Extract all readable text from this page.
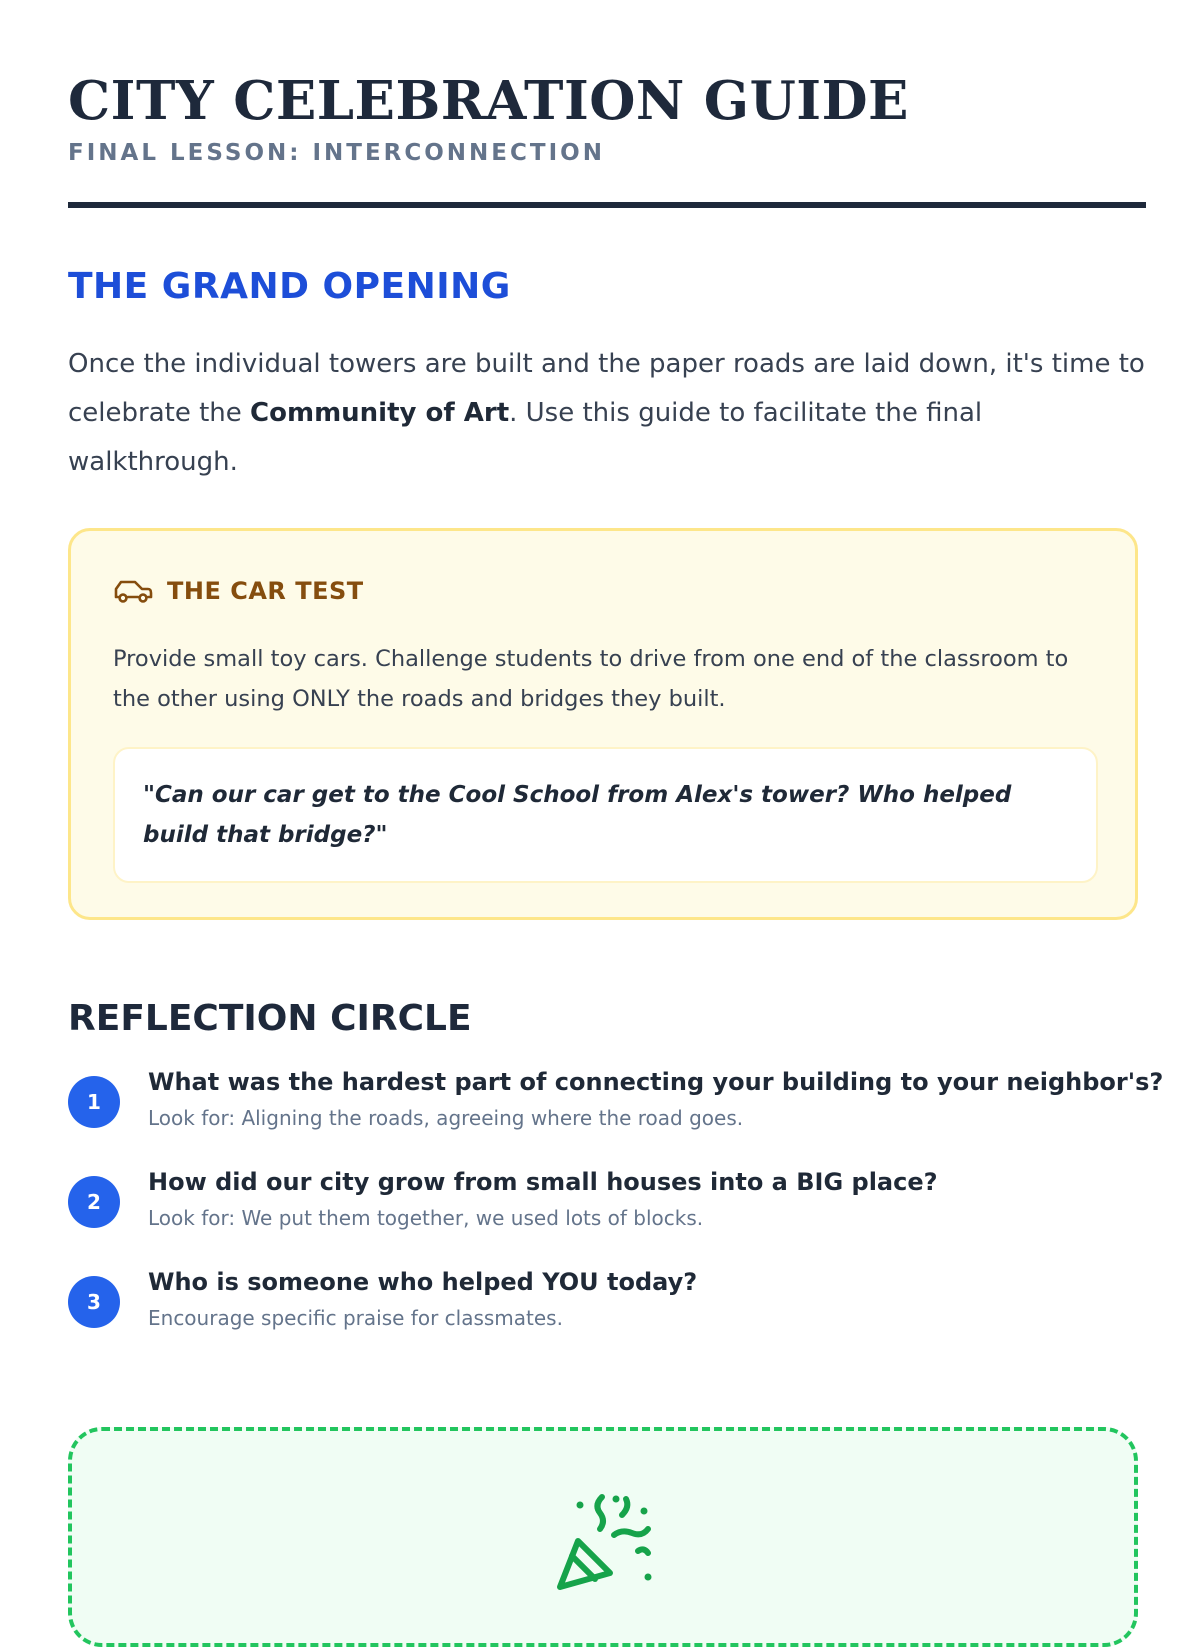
CITY CELEBRATION GUIDE
FINAL LESSON: INTERCONNECTION
THE GRAND OPENING

Once the individual towers are built and the paper roads are laid down, it's time to celebrate the Community of Art. Use this guide to facilitate the final walkthrough.

THE CAR TEST

Provide small toy cars. Challenge students to drive from one end of the classroom to the other using ONLY the roads and bridges they built.

"Can our car get to the Cool School from Alex's tower? Who helped build that bridge?"

REFLECTION CIRCLE
1
What was the hardest part of connecting your building to your neighbor's?
Look for: Aligning the roads, agreeing where the road goes.
2
How did our city grow from small houses into a BIG place?
Look for: We put them together, we used lots of blocks.
3
Who is someone who helped YOU today?
Encourage specific praise for classmates.
